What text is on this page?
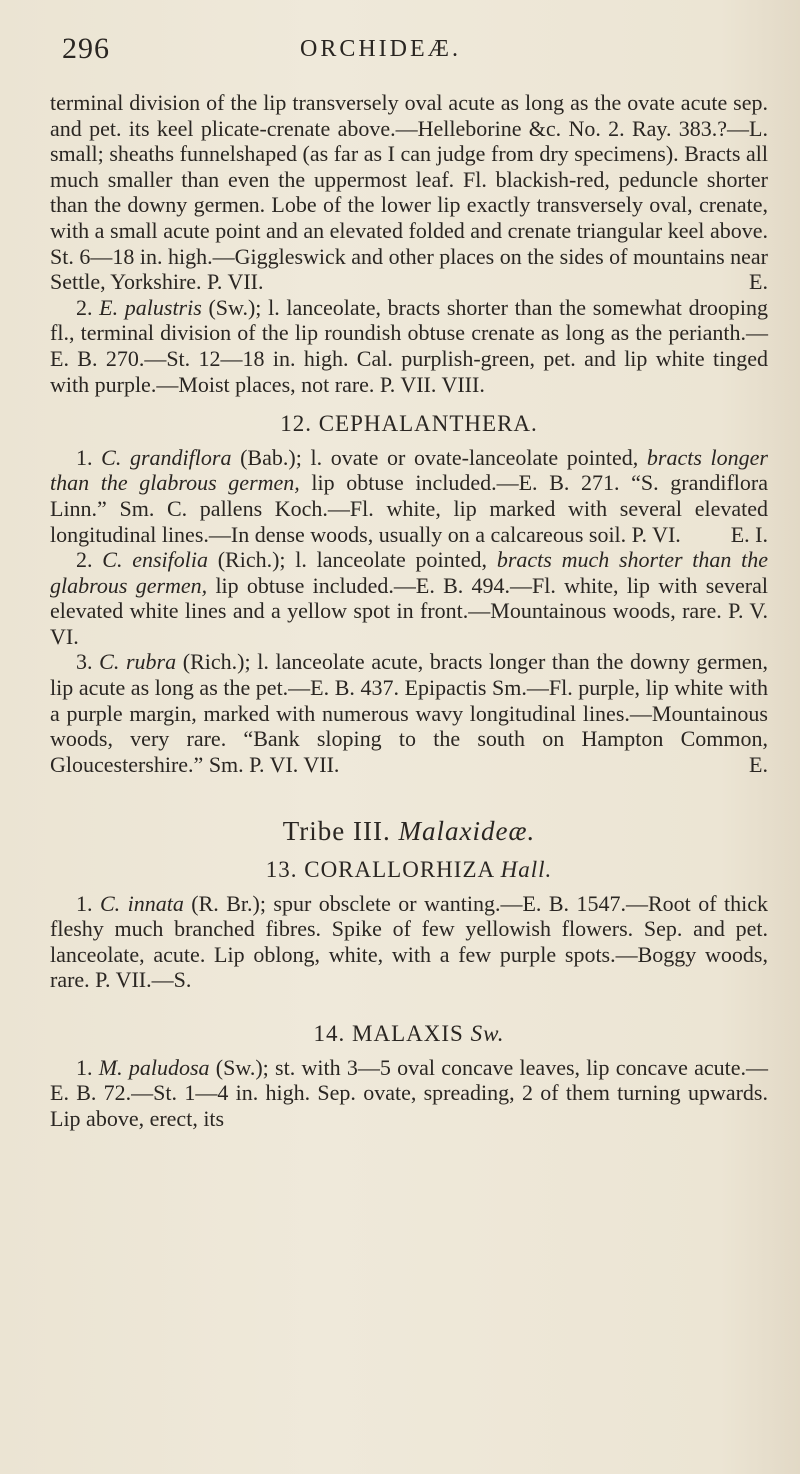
296	ORCHIDEÆ.

terminal division of the lip transversely oval acute as long as the ovate acute sep. and pet. its keel plicate-crenate above.—Helleborine &c. No. 2. Ray. 383.?—L. small; sheaths funnelshaped (as far as I can judge from dry specimens). Bracts all much smaller than even the uppermost leaf. Fl. blackish-red, peduncle shorter than the downy germen. Lobe of the lower lip exactly transversely oval, crenate, with a small acute point and an elevated folded and crenate triangular keel above. St. 6—18 in. high.—Giggleswick and other places on the sides of mountains near Settle, Yorkshire. P. VII.	E.

2. E. palustris (Sw.); l. lanceolate, bracts shorter than the somewhat drooping fl., terminal division of the lip roundish obtuse crenate as long as the perianth.—E. B. 270.—St. 12—18 in. high. Cal. purplish-green, pet. and lip white tinged with purple.—Moist places, not rare. P. VII. VIII.

12. CEPHALANTHERA.

1. C. grandiflora (Bab.); l. ovate or ovate-lanceolate pointed, bracts longer than the glabrous germen, lip obtuse included.—E. B. 271. “S. grandiflora Linn.” Sm. C. pallens Koch.—Fl. white, lip marked with several elevated longitudinal lines.—In dense woods, usually on a calcareous soil. P. VI.	E. I.

2. C. ensifolia (Rich.); l. lanceolate pointed, bracts much shorter than the glabrous germen, lip obtuse included.—E. B. 494.—Fl. white, lip with several elevated white lines and a yellow spot in front.—Mountainous woods, rare. P. V. VI.

3. C. rubra (Rich.); l. lanceolate acute, bracts longer than the downy germen, lip acute as long as the pet.—E. B. 437. Epipactis Sm.—Fl. purple, lip white with a purple margin, marked with numerous wavy longitudinal lines.—Mountainous woods, very rare. “Bank sloping to the south on Hampton Common, Gloucestershire.” Sm. P. VI. VII.	E.

Tribe III. Malaxideæ.
13. CORALLORHIZA Hall.

1. C. innata (R. Br.); spur obsclete or wanting.—E. B. 1547.—Root of thick fleshy much branched fibres. Spike of few yellowish flowers. Sep. and pet. lanceolate, acute. Lip oblong, white, with a few purple spots.—Boggy woods, rare. P. VII.—S.

14. MALAXIS Sw.

1. M. paludosa (Sw.); st. with 3—5 oval concave leaves, lip concave acute.—E. B. 72.—St. 1—4 in. high. Sep. ovate, spreading, 2 of them turning upwards. Lip above, erect, its
